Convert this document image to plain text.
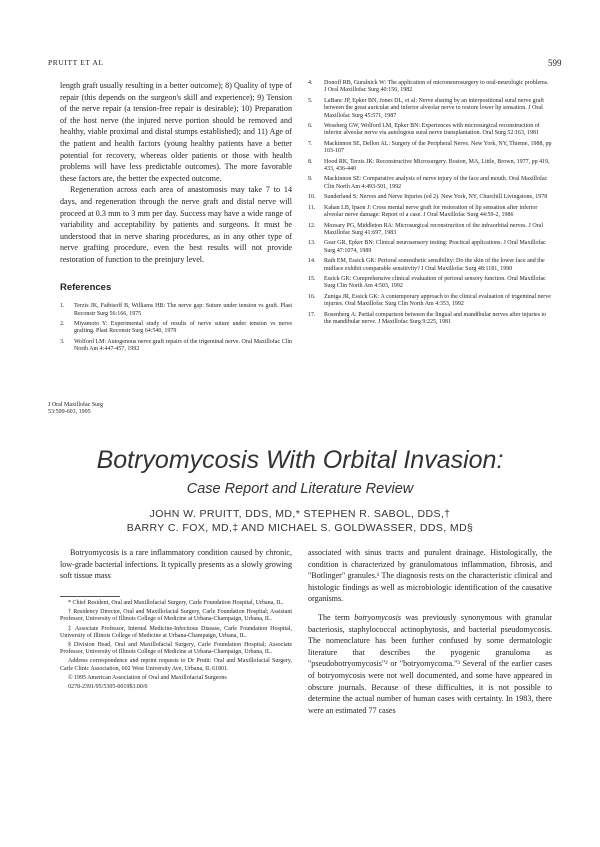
PRUITT ET AL	599

length graft usually resulting in a better outcome); 8) Quality of type of repair (this depends on the surgeon's skill and experience); 9) Tension of the nerve repair (a tension-free repair is desirable); 10) Preparation of the host nerve (the injured nerve portion should be removed and healthy, viable proximal and distal stumps established); and 11) Age of the patient and health factors (young healthy patients have a better potential for recovery, whereas older patients or those with health problems will have less predictable outcomes). The more favorable these factors are, the better the expected outcome.

Regeneration across each area of anastomosis may take 7 to 14 days, and regeneration through the nerve graft and distal nerve will proceed at 0.3 mm to 3 mm per day. Success may have a wide range of variability and acceptability by patients and surgeons. It must be understood that in nerve sharing procedures, as in any other type of nerve grafting procedure, even the best results will not provide restoration of function to the preinjury level.

References
1. Terzis JK, Faibisoff B, Williams HB: The nerve gap: Suture under tension vs graft. Plast Reconstr Surg 56:166, 1975
2. Miyamoto Y: Experimental study of results of nerve suture under tension vs nerve grafting. Plast Reconstr Surg 64:540, 1979
3. Wolford LM: Autogenous nerve graft repairs of the trigeminal nerve. Oral Maxillofac Clin North Am 4:447-457, 1992
4. Donoff RB, Guralnick W: The application of microneurosurgery to oral-neurologic problems. J Oral Maxillofac Surg 40:156, 1982
5. LaBanc JP, Epker BN, Jones DL, et al: Nerve sharing by an interpositional sural nerve graft between the great auricular and inferior alveolar nerve to restore lower lip sensation. J Oral Maxillofac Surg 45:571, 1987
6. Wessberg GW, Wolford LM, Epker BN: Experiences with microsurgical reconstruction of inferior alveolar nerve via autologous sural nerve transplantation. Oral Surg 52:163, 1981
7. Mackinnon SE, Dellon AL: Surgery of the Peripheral Nerve. New York, NY, Thieme, 1988, pp 103-107
8. Hood RK, Terzis JK: Reconstructive Microsurgery. Boston, MA, Little, Brown, 1977, pp 419, 433, 436-440
9. Mackinnon SE: Comparative analysis of nerve injury of the face and mouth. Oral Maxillofac Clin North Am 4:493-501, 1992
10. Sunderland S: Nerves and Nerve Injuries (ed 2). New York, NY, Churchill Livingstone, 1978
11. Kahan LB, Ipaon J: Cross mental nerve graft for restoration of lip sensation after inferior alveolar nerve damage: Report of a case. J Oral Maxillofac Surg 44:59-2, 1986
12. Mozsary PG, Middleton RA: Microsurgical reconstruction of the infraorbital nerves. J Oral Maxillofac Surg 41:697, 1983
13. Gear GR, Epker BN: Clinical neurosensory testing: Practical applications. J Oral Maxillofac Surg 47:1074, 1989
14. Rath EM, Essick GK: Perioral somesthetic sensibility: Do the skin of the lower face and the midface exhibit comparable sensitivity? J Oral Maxillofac Surg 48:1181, 1990
15. Essick GK: Comprehensive clinical evaluation of perioral sensory function. Oral Maxillofac Surg Clin North Am 4:503, 1992
16. Zuniga JR, Essick GK: A contemporary approach to the clinical evaluation of trigeminal nerve injuries. Oral Maxillofac Surg Clin North Am 4:353, 1992
17. Rosenberg A: Partial comparison between the lingual and mandibular nerves after injuries to the mandibular nerve. J Maxillofac Surg 9:225, 1981
J Oral Maxillofac Surg
53:599-603, 1995
Botryomycosis With Orbital Invasion:
Case Report and Literature Review
JOHN W. PRUITT, DDS, MD,* STEPHEN R. SABOL, DDS,†
BARRY C. FOX, MD,‡ AND MICHAEL S. GOLDWASSER, DDS, MD§

Botryomycosis is a rare inflammatory condition caused by chronic, low-grade bacterial infections. It typically presents as a slowly growing soft tissue mass

* Chief Resident, Oral and Maxillofacial Surgery, Carle Foundation Hospital, Urbana, IL.

† Residency Director, Oral and Maxillofacial Surgery, Carle Foundation Hospital; Assistant Professor, University of Illinois College of Medicine at Urbana-Champaign, Urbana, IL.

‡ Associate Professor, Internal Medicine-Infectious Disease, Carle Foundation Hospital, University of Illinois College of Medicine at Urbana-Champaign, Urbana, IL.

§ Division Head, Oral and Maxillofacial Surgery, Carle Foundation Hospital; Associate Professor, University of Illinois College of Medicine at Urbana-Champaign, Urbana, IL.

Address correspondence and reprint requests to Dr Pruitt: Oral and Maxillofacial Surgery, Carle Clinic Association, 602 West University Ave, Urbana, IL 61801.

© 1995 American Association of Oral and Maxillofacial Surgeons

0278-2391/95/5305-0019$3.00/0

associated with sinus tracts and purulent drainage. Histologically, the condition is characterized by granulomatous inflammation, fibrosis, and "Botlinger" granules.¹ The diagnosis rests on the characteristic clinical and histologic findings as well as microbiologic identification of the causative organisms.

The term botryomycosis was previously synonymous with granular bacteriosis, staphylococcal actinophytosis, and bacterial pseudomycosis. The nomenclature has been further confused by some dermatologic literature that describes the pyogenic granuloma as "pseudobotryomycosis"² or "botryomycoma."³ Several of the earlier cases of botryomycosis were not well documented, and some have appeared in obscure journals. Because of these difficulties, it is not possible to determine the actual number of human cases with certainty. In 1983, there were an estimated 77 cases
